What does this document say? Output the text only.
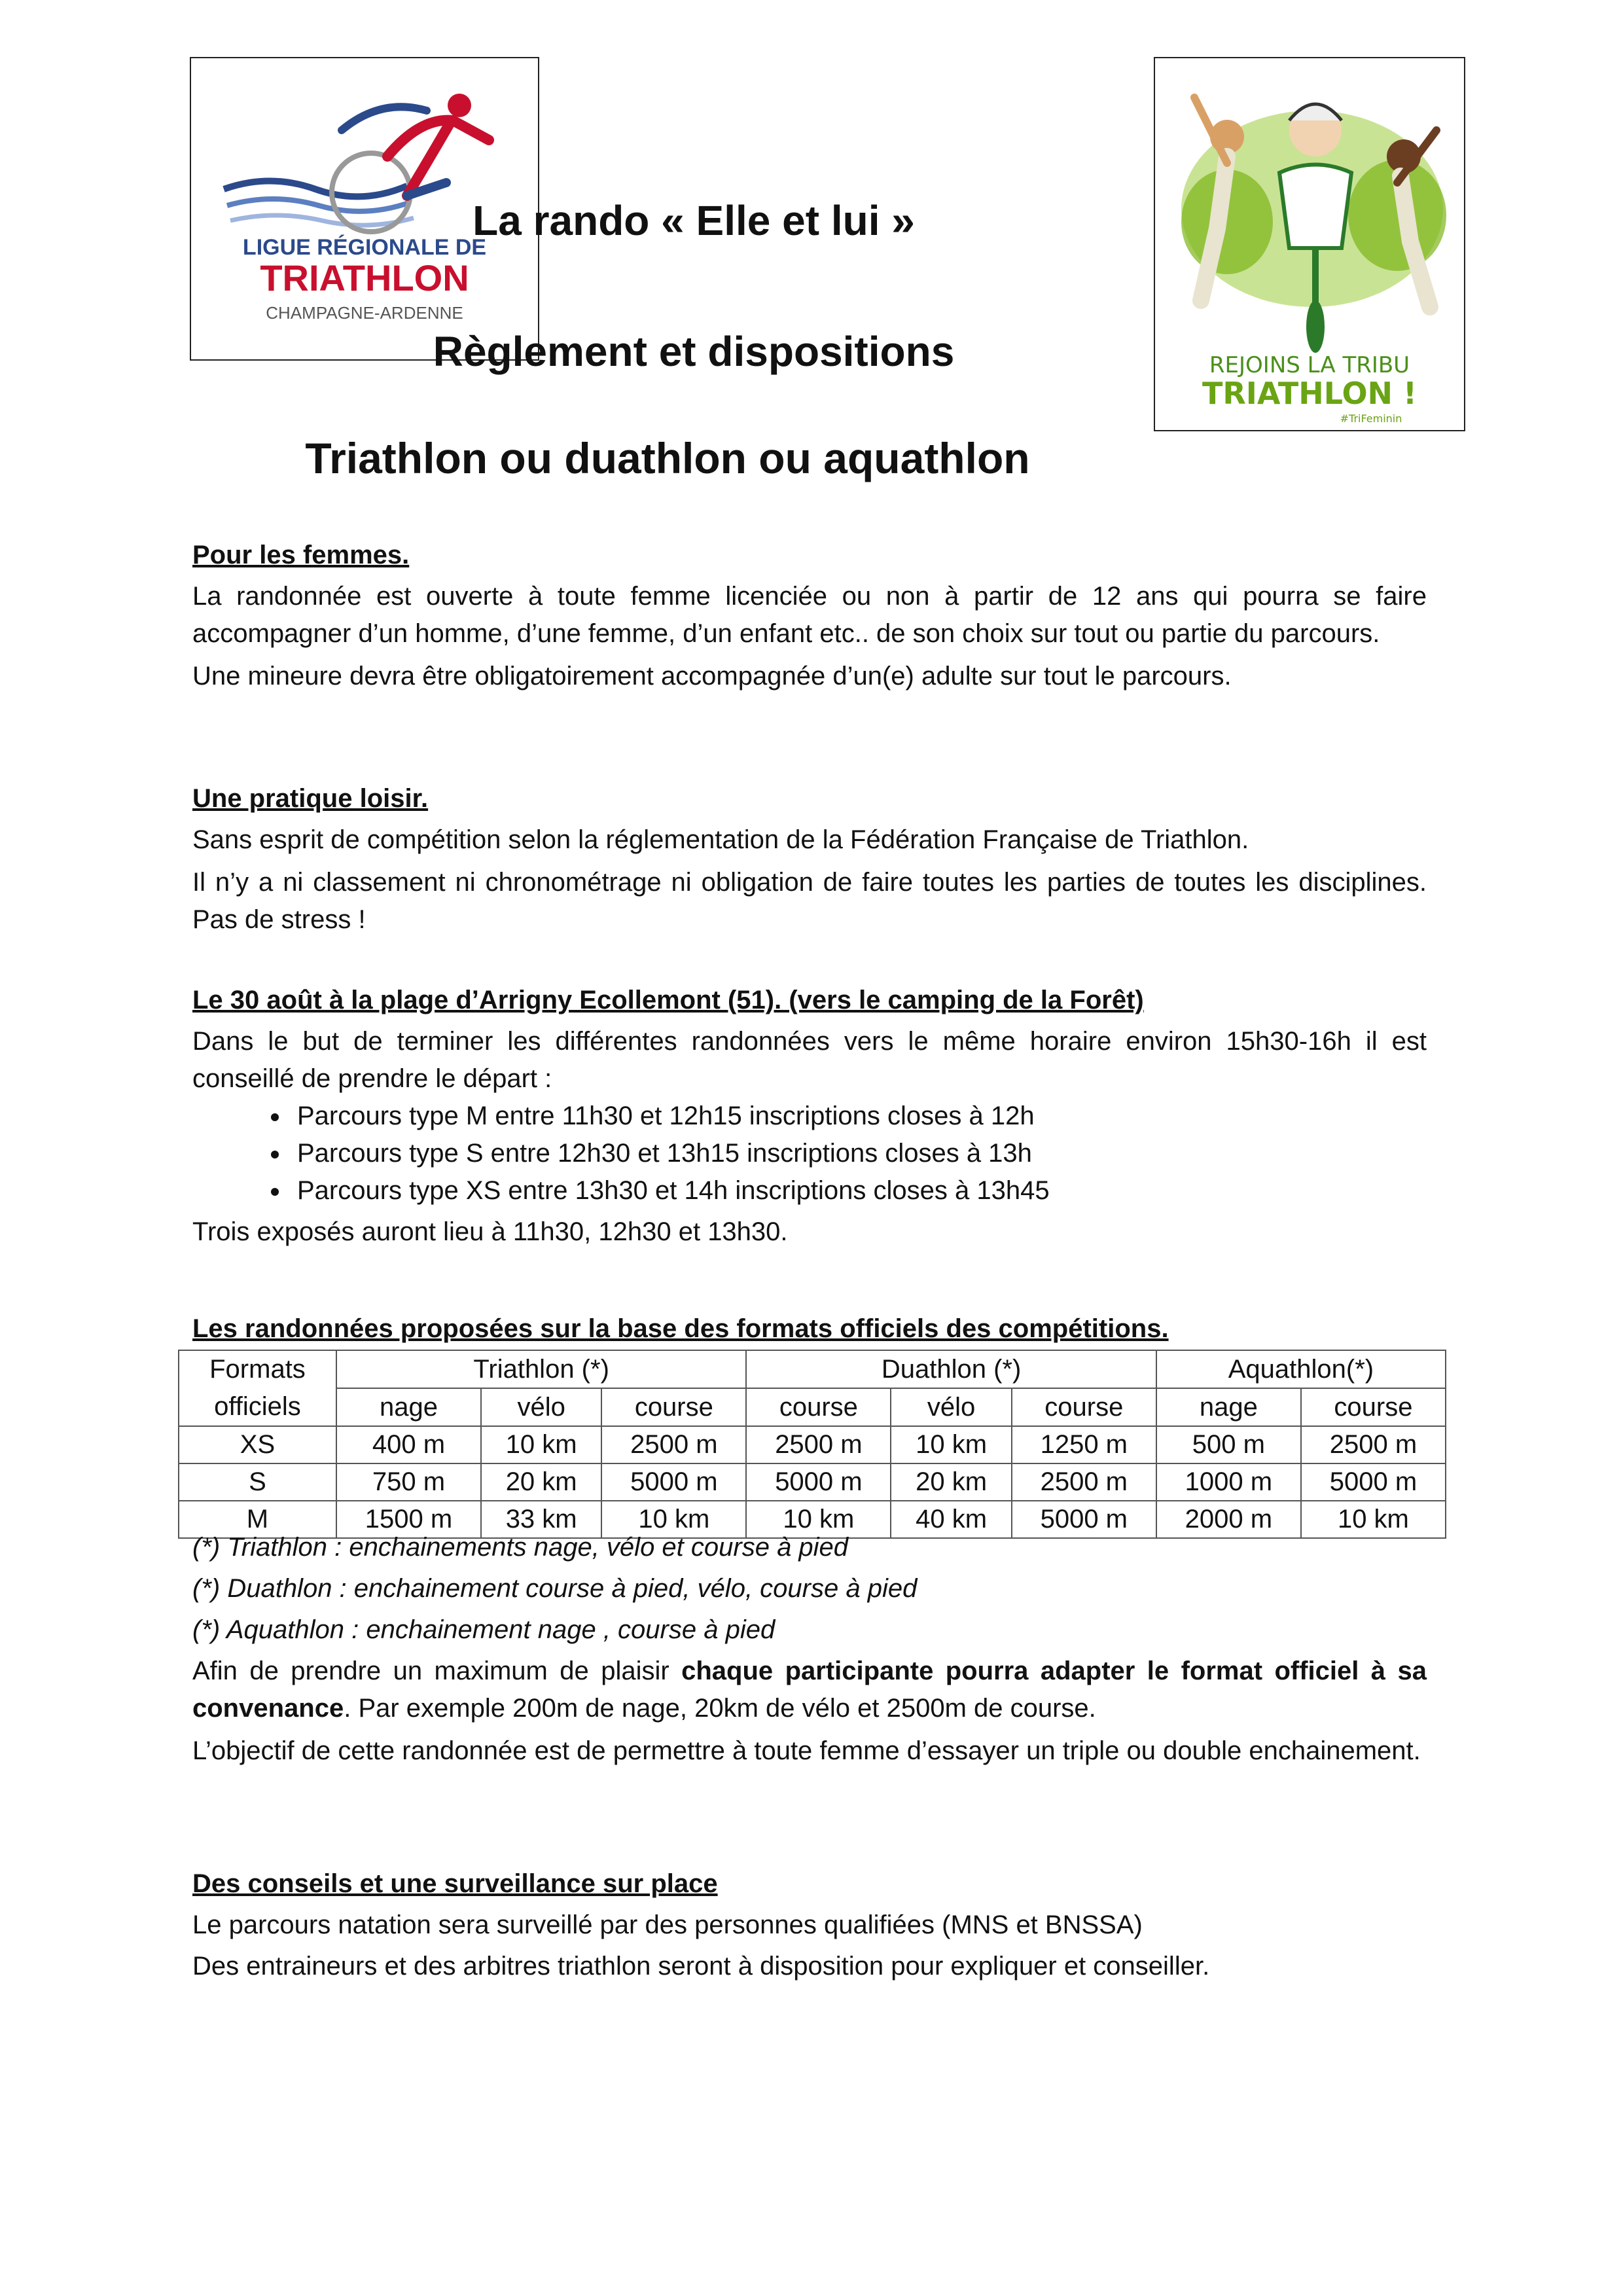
LIGUE RÉGIONALE DE
TRIATHLON
CHAMPAGNE-ARDENNE
REJOINS LA TRIBU
TRIATHLON !
#TriFeminin
La rando « Elle et lui »
Règlement et dispositions
Triathlon ou duathlon ou aquathlon

Pour les femmes.

La randonnée est ouverte à toute femme licenciée ou non à partir de 12 ans qui pourra se faire accompagner d’un homme, d’une femme, d’un enfant etc.. de son choix sur tout ou partie du parcours.

Une mineure devra être obligatoirement accompagnée d’un(e) adulte sur tout le parcours.

Une pratique loisir.

Sans esprit de compétition selon la réglementation de la Fédération Française de Triathlon.

Il n’y a ni classement ni chronométrage ni obligation de faire toutes les parties de toutes les disciplines. Pas de stress !

Le 30 août à la plage d’Arrigny Ecollemont (51). (vers le camping de la Forêt)

Dans le but de terminer les différentes randonnées vers le même horaire environ 15h30-16h il est conseillé de prendre le départ :

• Parcours type M entre 11h30 et 12h15 inscriptions closes à 12h
• Parcours type S entre 12h30 et 13h15 inscriptions closes à 13h
• Parcours type XS entre 13h30 et 14h inscriptions closes à 13h45

Trois exposés auront lieu à 11h30, 12h30 et 13h30.

Les randonnées proposées sur la base des formats officiels des compétitions.

Formats
officiels	Triathlon (*)			Duathlon (*)			Aquathlon(*)	
	nage	vélo	course	course	vélo	course	nage	course
XS	400 m	10 km	2500 m	2500 m	10 km	1250 m	500 m	2500 m
S	750 m	20 km	5000 m	5000 m	20 km	2500 m	1000 m	5000 m
M	1500 m	33 km	10 km	10 km	40 km	5000 m	2000 m	10 km

(*) Triathlon : enchainements nage, vélo et course à pied

(*) Duathlon : enchainement course à pied, vélo, course à pied

(*) Aquathlon : enchainement nage , course à pied

Afin de prendre un maximum de plaisir chaque participante pourra adapter le format officiel à sa convenance. Par exemple 200m de nage, 20km de vélo et 2500m de course.

L’objectif de cette randonnée est de permettre à toute femme d’essayer un triple ou double enchainement.

Des conseils et une surveillance sur place

Le parcours natation sera surveillé par des personnes qualifiées (MNS et BNSSA)

Des entraineurs et des arbitres triathlon seront à disposition pour expliquer et conseiller.
